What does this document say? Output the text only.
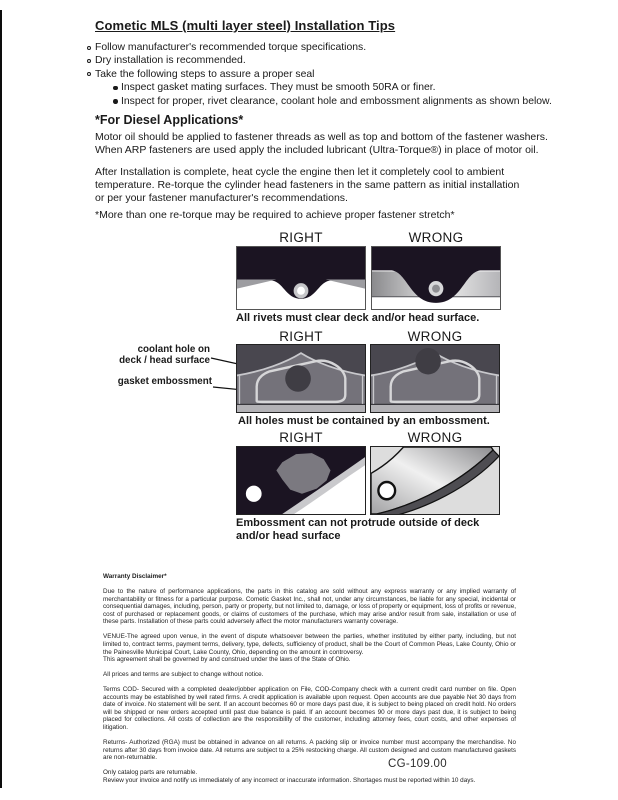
Cometic MLS (multi layer steel) Installation Tips
Follow manufacturer's recommended torque specifications.
Dry installation is recommended.
Take the following steps to assure a proper seal
Inspect gasket mating surfaces. They must be smooth 50RA or finer.
Inspect for proper, rivet clearance, coolant hole and embossment alignments as shown below.
*For Diesel Applications*
Motor oil should be applied to fastener threads as well as top and bottom of the fastener washers.
When ARP fasteners are used apply the included lubricant (Ultra-Torque®) in place of motor oil.
After Installation is complete, heat cycle the engine then let it completely cool to ambient
temperature. Re-torque the cylinder head fasteners in the same pattern as initial installation
or per your fastener manufacturer's recommendations.
*More than one re-torque may be required to achieve proper fastener stretch*
RIGHT	WRONG
All rivets must clear deck and/or head surface.
RIGHT	WRONG
coolant hole on
deck / head surface
gasket embossment
All holes must be contained by an embossment.
RIGHT	WRONG
Embossment can not protrude outside of deck
and/or head surface
Warranty Disclaimer*
Due to the nature of performance applications, the parts in this catalog are sold without any express warranty or any implied warranty of merchantability or fitness for a particular purpose. Cometic Gasket Inc., shall not, under any circumstances, be liable for any special, incidental or consequential damages, including, person, party or property, but not limited to, damage, or loss of property or equipment, loss of profits or revenue, cost of purchased or replacement goods, or claims of customers of the purchase, which may arise and/or result from sale, installation or use of these parts. Installation of these parts could adversely affect the motor manufacturers warranty coverage.
VENUE-The agreed upon venue, in the event of dispute whatsoever between the parties, whether instituted by either party, including, but not limited to, contract terms, payment terms, delivery, type, defects, sufficiency of product, shall be the Court of Common Pleas, Lake County, Ohio or the Painesville Municipal Court, Lake County, Ohio, depending on the amount in controversy.
This agreement shall be governed by and construed under the laws of the State of Ohio.
All prices and terms are subject to change without notice.
Terms COD- Secured with a completed dealer/jobber application on File, COD-Company check with a current credit card number on file. Open accounts may be established by well rated firms. A credit application is available upon request. Open accounts are due payable Net 30 days from date of invoice. No statement will be sent. If an account becomes 60 or more days past due, it is subject to being placed on credit hold. No orders will be shipped or new orders accepted until past due balance is paid. If an account becomes 90 or more days past due, it is subject to being placed for collections. All costs of collection are the responsibility of the customer, including attorney fees, court costs, and other expenses of litigation.
Returns- Authorized (RGA) must be obtained in advance on all returns. A packing slip or invoice number must accompany the merchandise. No returns after 30 days from invoice date. All returns are subject to a 25% restocking charge. All custom designed and custom manufactured gaskets are non-returnable.
Only catalog parts are returnable.
Review your invoice and notify us immediately of any incorrect or inaccurate information. Shortages must be reported within 10 days.
CG-109.00
